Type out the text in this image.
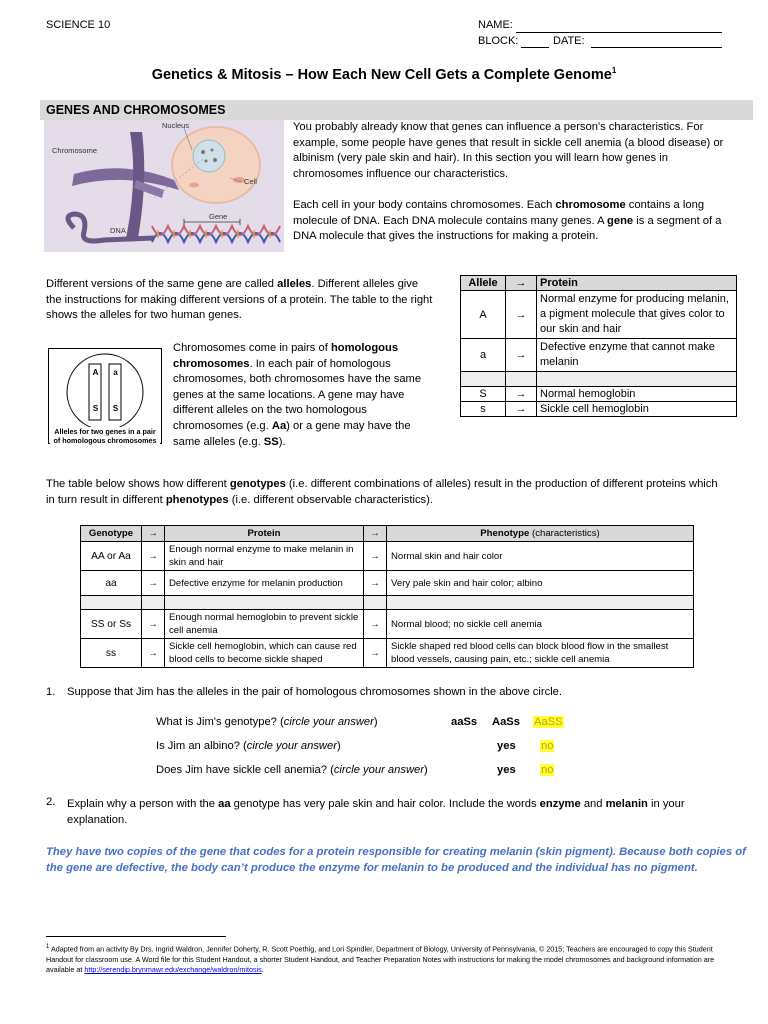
SCIENCE 10	NAME:
BLOCK:	DATE:
Genetics & Mitosis – How Each New Cell Gets a Complete Genome$^1$
GENES AND CHROMOSOMES
Nucleus
Chromosome
Cell
Gene
DNA
You probably already know that genes can influence a person's characteristics. For example, some people have genes that result in sickle cell anemia (a blood disease) or albinism (very pale skin and hair). In this section you will learn how genes in chromosomes influence our characteristics.
Each cell in your body contains chromosomes. Each chromosome contains a long molecule of DNA. Each DNA molecule contains many genes. A gene is a segment of a DNA molecule that gives the instructions for making a protein.
Different versions of the same gene are called alleles. Different alleles give the instructions for making different versions of a protein. The table to the right shows the alleles for two human genes.
A	a
S	S
Alleles for two genes in a pair of homologous chromosomes
Chromosomes come in pairs of homologous chromosomes. In each pair of homologous chromosomes, both chromosomes have the same genes at the same locations. A gene may have different alleles on the two homologous chromosomes (e.g. Aa) or a gene may have the same alleles (e.g. SS).
Allele	→	Protein
A	→	Normal enzyme for producing melanin, a pigment molecule that gives color to our skin and hair
a	→	Defective enzyme that cannot make melanin

S	→	Normal hemoglobin
s	→	Sickle cell hemoglobin
The table below shows how different genotypes (i.e. different combinations of alleles) result in the production of different proteins which in turn result in different phenotypes (i.e. different observable characteristics).
Genotype	→	Protein	→	Phenotype (characteristics)
AA or Aa	→	Enough normal enzyme to make melanin in skin and hair	→	Normal skin and hair color
aa	→	Defective enzyme for melanin production	→	Very pale skin and hair color; albino

SS or Ss	→	Enough normal hemoglobin to prevent sickle cell anemia	→	Normal blood; no sickle cell anemia
ss	→	Sickle cell hemoglobin, which can cause red blood cells to become sickle shaped	→	Sickle shaped red blood cells can block blood flow in the smallest blood vessels, causing pain, etc.; sickle cell anemia
1. Suppose that Jim has the alleles in the pair of homologous chromosomes shown in the above circle.
What is Jim's genotype? (circle your answer)	aaSs AaSs AaSS
Is Jim an albino? (circle your answer)	yes no
Does Jim have sickle cell anemia? (circle your answer)	yes no
2. Explain why a person with the aa genotype has very pale skin and hair color. Include the words enzyme and melanin in your explanation.
They have two copies of the gene that codes for a protein responsible for creating melanin (skin pigment). Because both copies of the gene are defective, the body can’t produce the enzyme for melanin to be produced and the individual has no pigment.
$^1$ Adapted from an activity By Drs. Ingrid Waldron, Jennifer Doherty, R. Scott Poethig, and Lori Spindler, Department of Biology, University of Pennsylvania, © 2015; Teachers are encouraged to copy this Student Handout for classroom use. A Word file for this Student Handout, a shorter Student Handout, and Teacher Preparation Notes with instructions for making the model chromosomes and background information are available at http://serendip.brynmawr.edu/exchange/waldron/mitosis.
